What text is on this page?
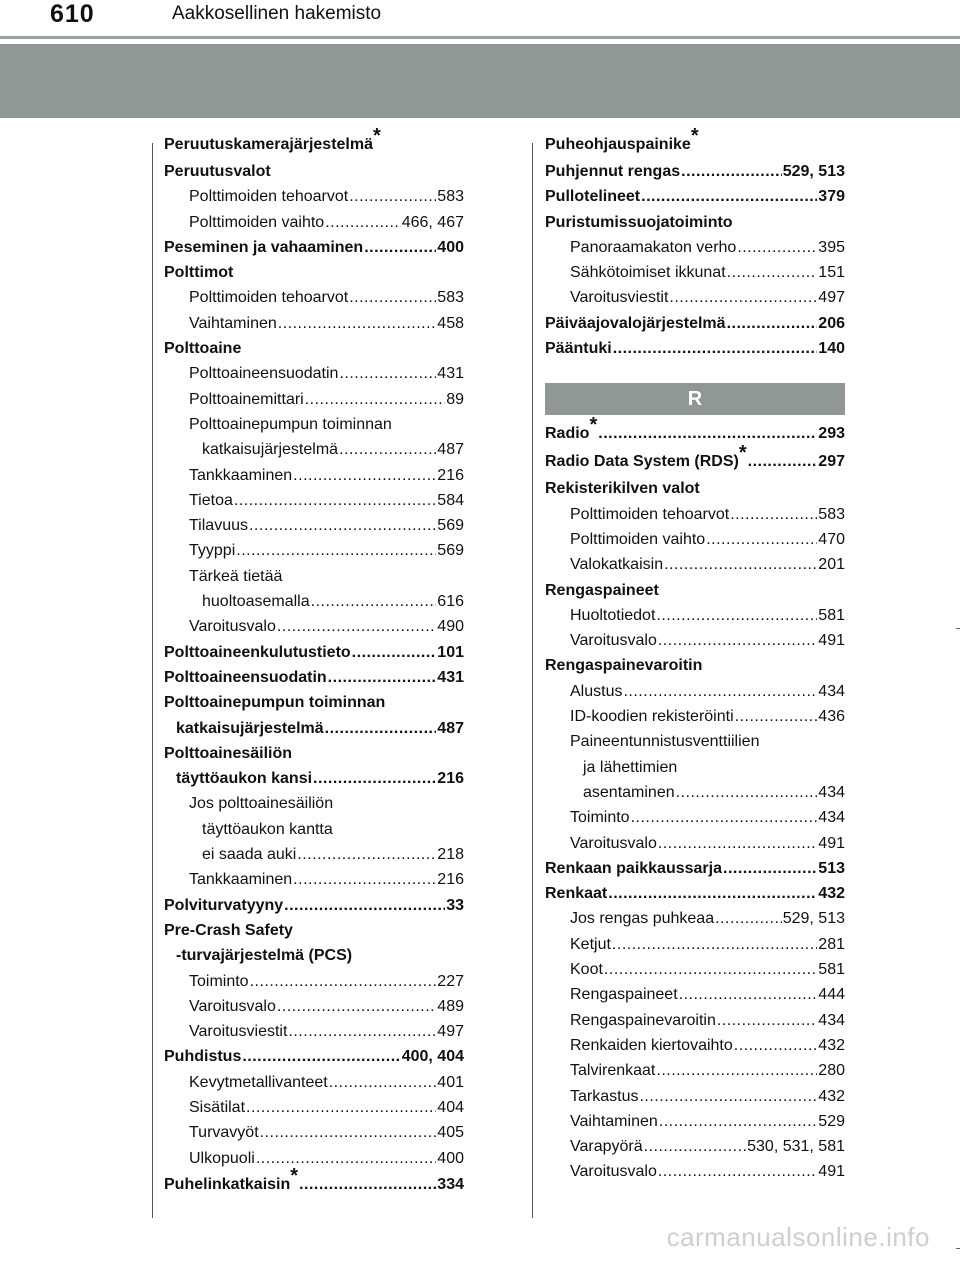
610	Aakkosellinen hakemisto
Peruutuskamerajärjestelmä*
Peruutusvalot
Polttimoiden tehoarvot .....	583
Polttimoiden vaihto .....	466, 467
Peseminen ja vahaaminen .....	400
Polttimot
Polttimoiden tehoarvot .....	583
Vaihtaminen .....	458
Polttoaine
Polttoaineensuodatin .....	431
Polttoainemittari .....	89
Polttoainepumpun toiminnan
katkaisujärjestelmä .....	487
Tankkaaminen .....	216
Tietoa .....	584
Tilavuus .....	569
Tyyppi .....	569
Tärkeä tietää
huoltoasemalla .....	616
Varoitusvalo .....	490
Polttoaineenkulutustieto .....	101
Polttoaineensuodatin .....	431
Polttoainepumpun toiminnan
katkaisujärjestelmä .....	487
Polttoainesäiliön
täyttöaukon kansi .....	216
Jos polttoainesäiliön
täyttöaukon kantta
ei saada auki .....	218
Tankkaaminen .....	216
Polviturvatyyny .....	33
Pre-Crash Safety
-turvajärjestelmä (PCS)
Toiminto .....	227
Varoitusvalo .....	489
Varoitusviestit .....	497
Puhdistus .....	400, 404
Kevytmetallivanteet .....	401
Sisätilat .....	404
Turvavyöt .....	405
Ulkopuoli .....	400
Puhelinkatkaisin* .....	334
Puheohjauspainike*
Puhjennut rengas .....	529, 513
Pullotelineet .....	379
Puristumissuojatoiminto
Panoraamakaton verho .....	395
Sähkötoimiset ikkunat .....	151
Varoitusviestit .....	497
Päiväajovalojärjestelmä .....	206
Pääntuki .....	140
R
Radio* .....	293
Radio Data System (RDS)* .....	297
Rekisterikilven valot
Polttimoiden tehoarvot .....	583
Polttimoiden vaihto .....	470
Valokatkaisin .....	201
Rengaspaineet
Huoltotiedot .....	581
Varoitusvalo .....	491
Rengaspainevaroitin
Alustus .....	434
ID-koodien rekisteröinti .....	436
Paineentunnistusventtiilien
ja lähettimien
asentaminen .....	434
Toiminto .....	434
Varoitusvalo .....	491
Renkaan paikkaussarja .....	513
Renkaat .....	432
Jos rengas puhkeaa .....	529, 513
Ketjut .....	281
Koot .....	581
Rengaspaineet .....	444
Rengaspainevaroitin .....	434
Renkaiden kiertovaihto .....	432
Talvirenkaat .....	280
Tarkastus .....	432
Vaihtaminen .....	529
Varapyörä .....	530, 531, 581
Varoitusvalo .....	491
carmanualsonline.info
